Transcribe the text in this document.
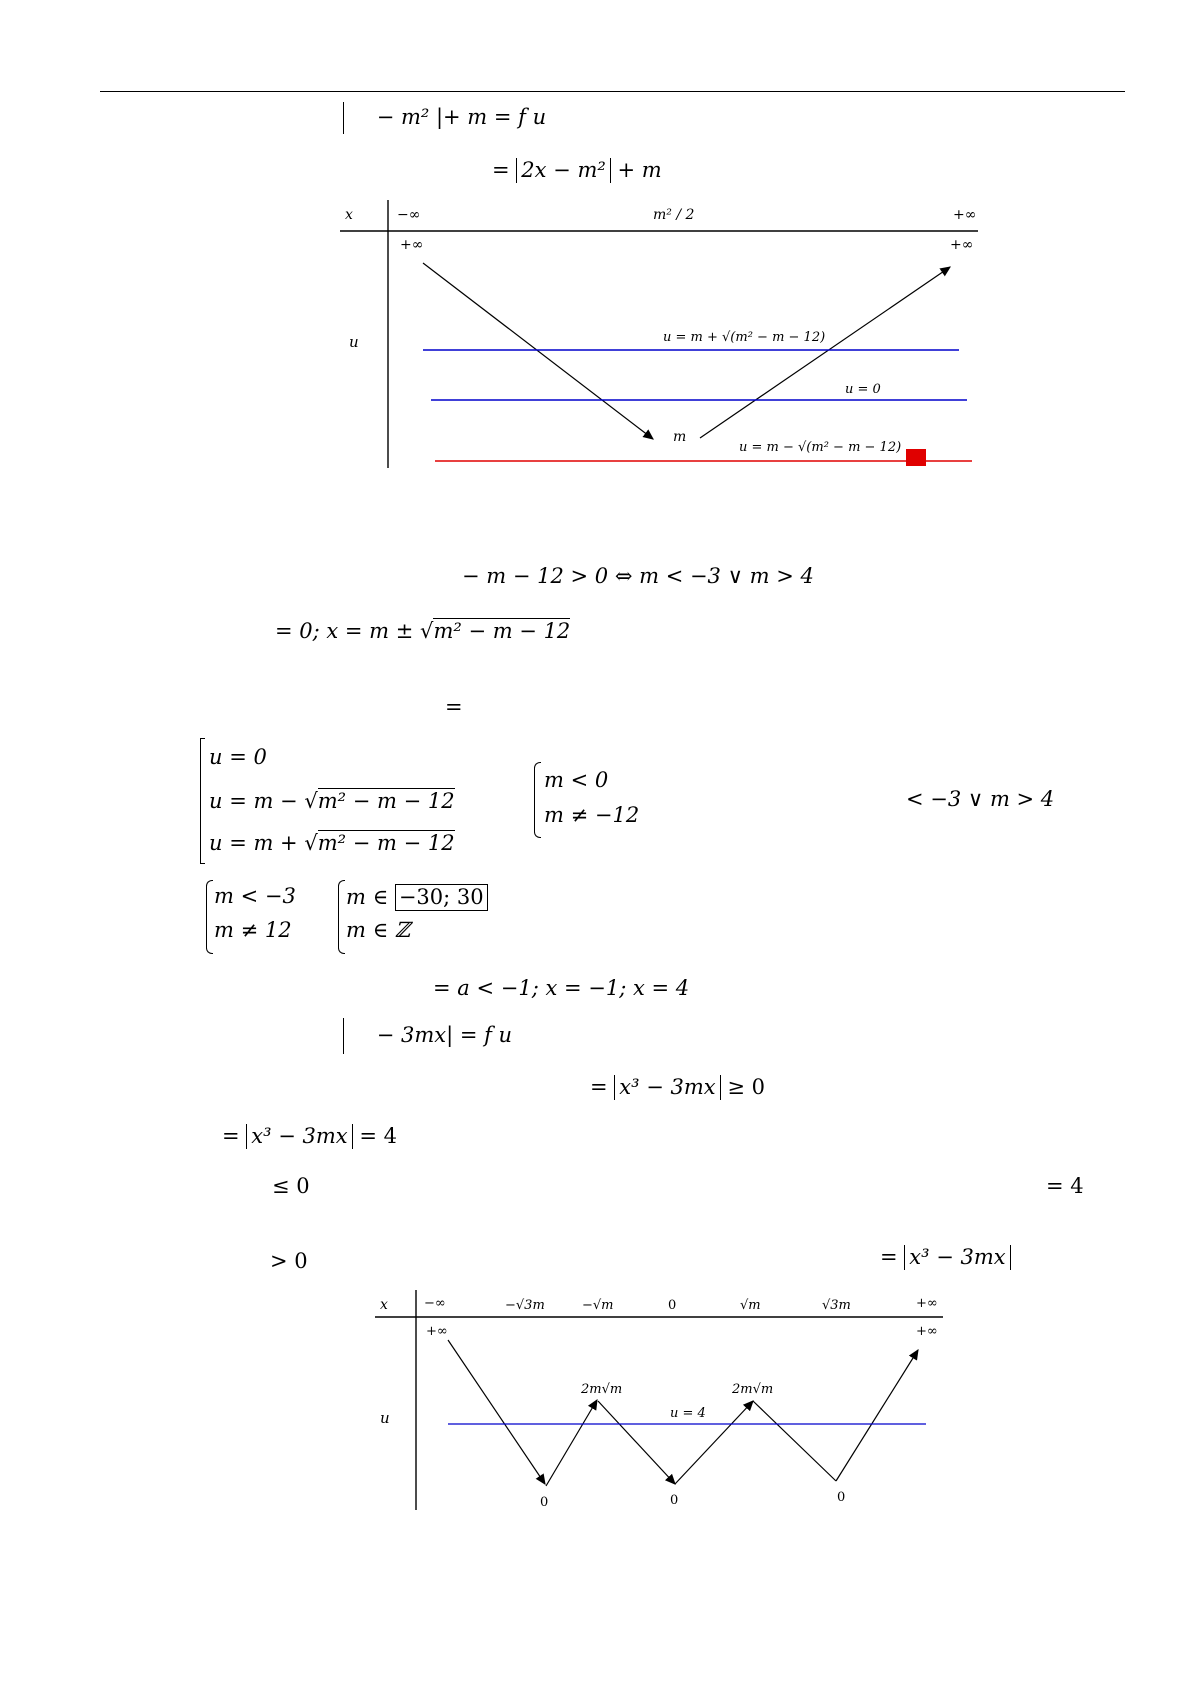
− m² |+ m = f u
= 2x − m² + m
x	−∞	m² / 2	+∞
u
+∞	+∞
m
u = m + √(m² − m − 12)
u = 0
u = m − √(m² − m − 12)
− m − 12 > 0 ⇔ m < −3 ∨ m > 4
= 0; x = m ± √m² − m − 12
=
u = 0
u = m − √m² − m − 12
u = m + √m² − m − 12
m < 0
m ≠ −12
< −3 ∨ m > 4
m < −3
m ≠ 12
m ∈ −30; 30
m ∈ ℤ
= a < −1; x = −1; x = 4
− 3mx| = f u
= x³ − 3mx ≥ 0
= x³ − 3mx = 4
≤ 0	= 4
> 0	= x³ − 3mx
x	−∞	−√3m	−√m	0	√m	√3m	+∞
u
+∞	+∞
2m√m	2m√m
u = 4
0	0	0
